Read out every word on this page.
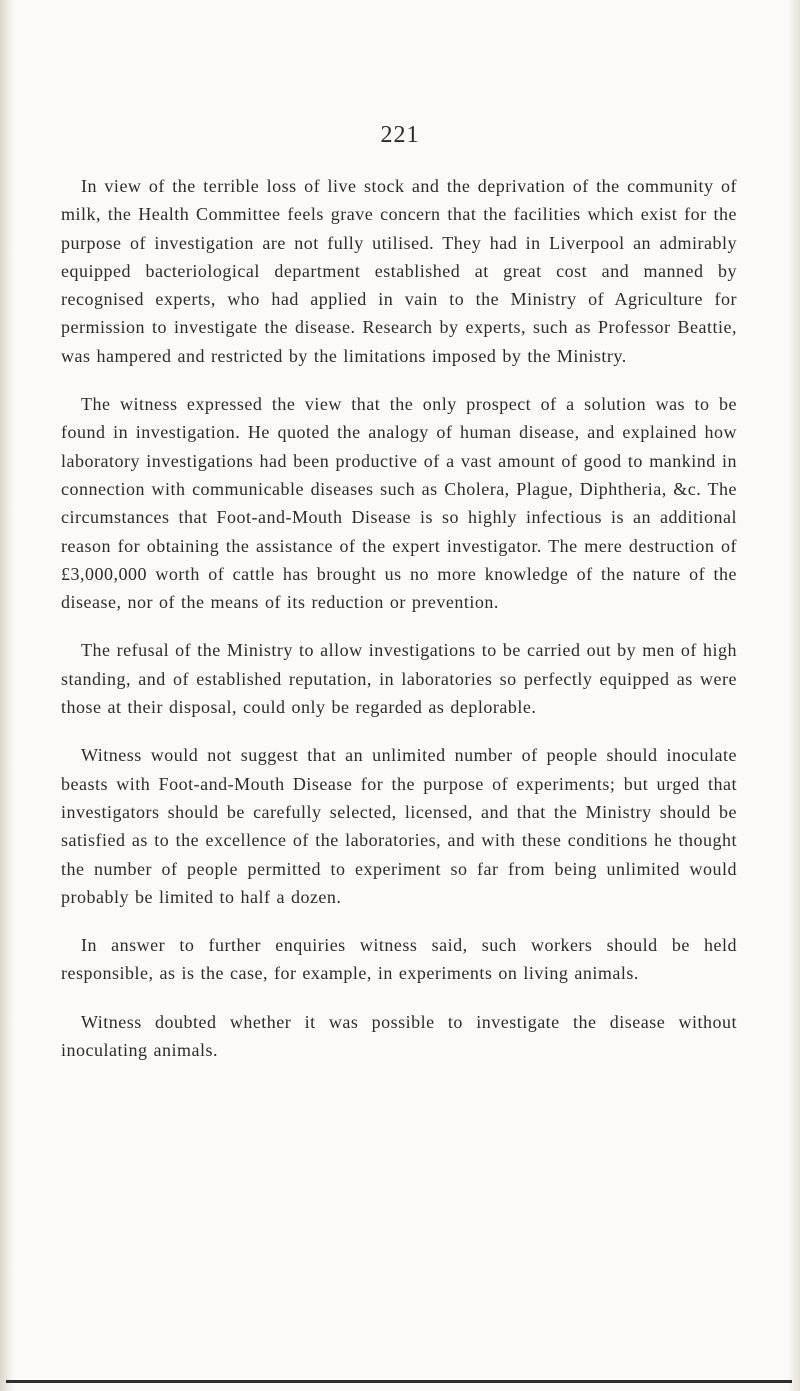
221

In view of the terrible loss of live stock and the deprivation of the community of milk, the Health Committee feels grave concern that the facilities which exist for the purpose of investigation are not fully utilised. They had in Liverpool an admirably equipped bacteriological department established at great cost and manned by recognised experts, who had applied in vain to the Ministry of Agriculture for permission to investigate the disease. Research by experts, such as Professor Beattie, was hampered and restricted by the limitations imposed by the Ministry.

The witness expressed the view that the only prospect of a solution was to be found in investigation. He quoted the analogy of human disease, and explained how laboratory investigations had been productive of a vast amount of good to mankind in connection with communicable diseases such as Cholera, Plague, Diphtheria, &c. The circumstances that Foot-and-Mouth Disease is so highly infectious is an additional reason for obtaining the assistance of the expert investigator. The mere destruction of £3,000,000 worth of cattle has brought us no more knowledge of the nature of the disease, nor of the means of its reduction or prevention.

The refusal of the Ministry to allow investigations to be carried out by men of high standing, and of established reputation, in laboratories so perfectly equipped as were those at their disposal, could only be regarded as deplorable.

Witness would not suggest that an unlimited number of people should inoculate beasts with Foot-and-Mouth Disease for the purpose of experiments; but urged that investigators should be carefully selected, licensed, and that the Ministry should be satisfied as to the excellence of the laboratories, and with these conditions he thought the number of people permitted to experiment so far from being unlimited would probably be limited to half a dozen.

In answer to further enquiries witness said, such workers should be held responsible, as is the case, for example, in experiments on living animals.

Witness doubted whether it was possible to investigate the disease without inoculating animals.
